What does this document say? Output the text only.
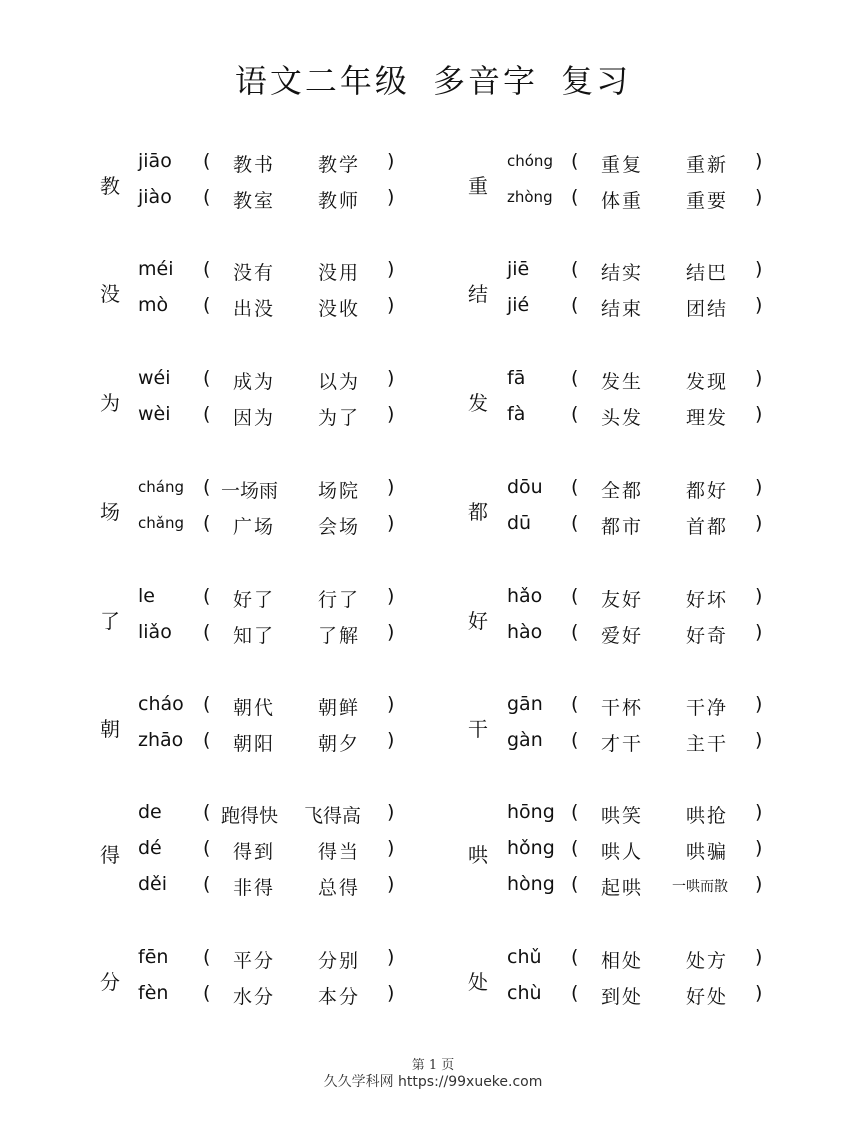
语文二年级 多音字 复习
教
jiāo ( 教书 教学 )
jiào ( 教室 教师 )
没
méi ( 没有 没用 )
mò ( 出没 没收 )
为
wéi ( 成为 以为 )
wèi ( 因为 为了 )
场
cháng ( 一场雨 场院 )
chǎng ( 广场 会场 )
了
le	( 好了 行了 )
liǎo ( 知了 了解 )
朝
cháo ( 朝代 朝鲜 )
zhāo ( 朝阳 朝夕 )
得
de ( 跑得快 飞得高 )
dé ( 得到 得当 )
děi ( 非得 总得 )
分
fēn ( 平分 分别 )
fèn ( 水分 本分 )
重
chóng ( 重复 重新 )
zhòng ( 体重 重要 )
结
jiē ( 结实 结巴 )
jié ( 结束 团结 )
发
fā ( 发生 发现 )
fà ( 头发 理发 )
都
dōu ( 全都 都好 )
dū ( 都市 首都 )
好
hǎo ( 友好 好坏 )
hào ( 爱好 好奇 )
干
gān ( 干杯 干净 )
gàn ( 才干 主干 )
哄
hōng ( 哄笑 哄抢 )
hǒng ( 哄人 哄骗 )
hòng ( 起哄 一哄而散 )
处
chǔ ( 相处 处方 )
chù ( 到处 好处 )
第 1 页
久久学科网 https://99xueke.com
